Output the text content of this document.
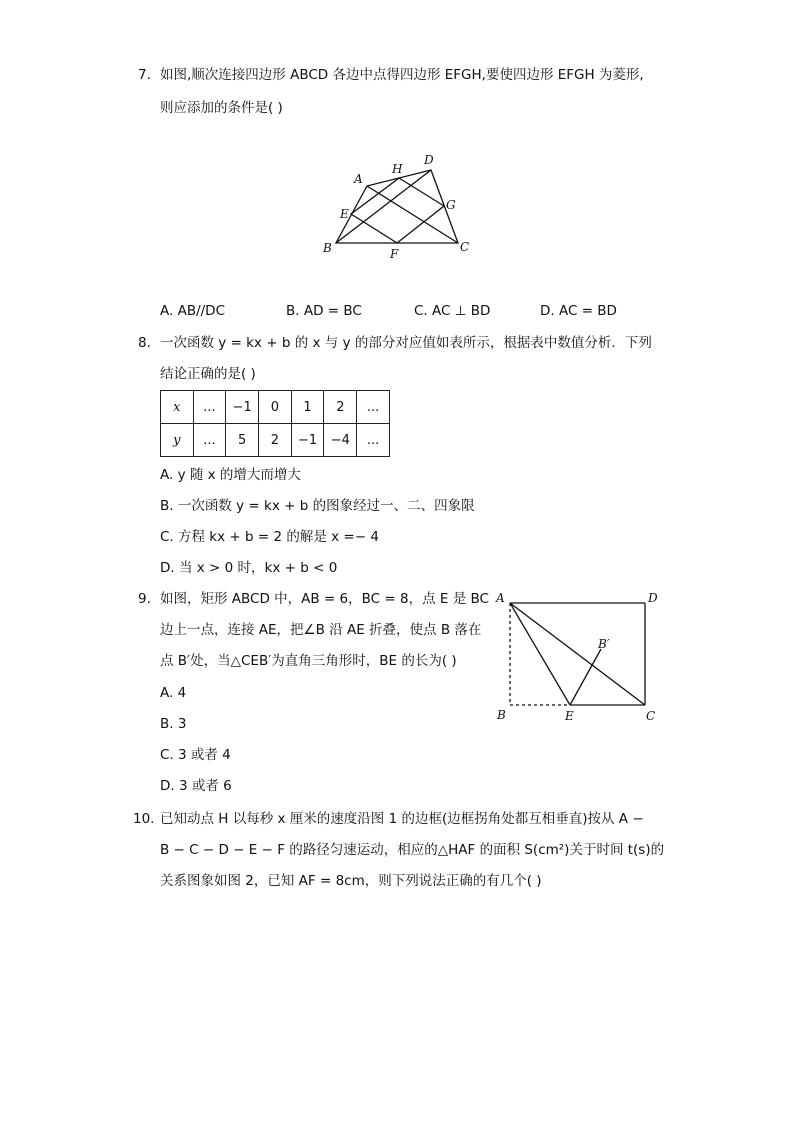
7. 如图,顺次连接四边形 ABCD 各边中点得四边形 EFGH,要使四边形 EFGH 为菱形,
则应添加的条件是( )
A
H
D
E
G
B	F	C
A. AB//DC	B. AD = BC	C. AC ⊥ BD	D. AC = BD
8. 一次函数 y = kx + b 的 x 与 y 的部分对应值如表所示，根据表中数值分析．下列
结论正确的是( )
x	...	−1	0	1	2	...
y	...	5	2	−1	−4	...
A. y 随 x 的增大而增大
B. 一次函数 y = kx + b 的图象经过一、二、四象限
C. 方程 kx + b = 2 的解是 x =− 4
D. 当 x > 0 时，kx + b < 0
9. 如图，矩形 ABCD 中，AB = 6，BC = 8，点 E 是 BC
边上一点，连接 AE，把∠B 沿 AE 折叠，使点 B 落在
点 B′处，当△CEB′为直角三角形时，BE 的长为( )
A. 4
B. 3
C. 3 或者 4
D. 3 或者 6
A	D
B′
B	E	C
10. 已知动点 H 以每秒 x 厘米的速度沿图 1 的边框(边框拐角处都互相垂直)按从 A −
B − C − D − E − F 的路径匀速运动，相应的△HAF 的面积 S(cm²)关于时间 t(s)的
关系图象如图 2，已知 AF = 8cm，则下列说法正确的有几个( )
